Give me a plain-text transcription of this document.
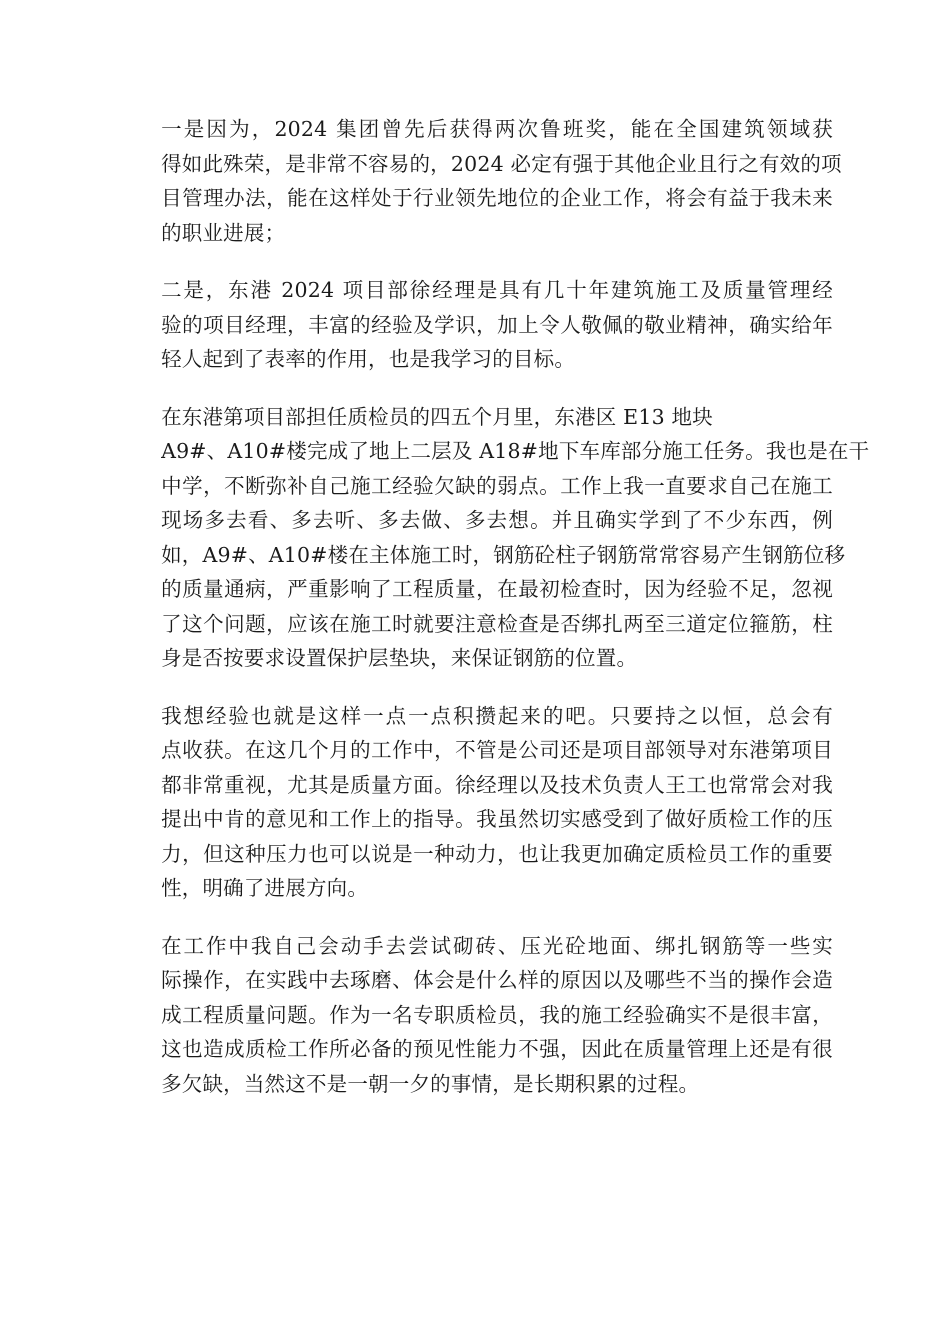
一是因为，2024 集团曾先后获得两次鲁班奖，能在全国建筑领域获
得如此殊荣，是非常不容易的，2024 必定有强于其他企业且行之有效的项
目管理办法，能在这样处于行业领先地位的企业工作，将会有益于我未来
的职业进展；

二是，东港 2024 项目部徐经理是具有几十年建筑施工及质量管理经
验的项目经理，丰富的经验及学识，加上令人敬佩的敬业精神，确实给年
轻人起到了表率的作用，也是我学习的目标。

在东港第项目部担任质检员的四五个月里，东港区 E13 地块
A9#、A10#楼完成了地上二层及 A18#地下车库部分施工任务。我也是在干
中学，不断弥补自己施工经验欠缺的弱点。工作上我一直要求自己在施工
现场多去看、多去听、多去做、多去想。并且确实学到了不少东西，例
如，A9#、A10#楼在主体施工时，钢筋砼柱子钢筋常常容易产生钢筋位移
的质量通病，严重影响了工程质量，在最初检查时，因为经验不足，忽视
了这个问题，应该在施工时就要注意检查是否绑扎两至三道定位箍筋，柱
身是否按要求设置保护层垫块，来保证钢筋的位置。

我想经验也就是这样一点一点积攒起来的吧。只要持之以恒，总会有
点收获。在这几个月的工作中，不管是公司还是项目部领导对东港第项目
都非常重视，尤其是质量方面。徐经理以及技术负责人王工也常常会对我
提出中肯的意见和工作上的指导。我虽然切实感受到了做好质检工作的压
力，但这种压力也可以说是一种动力，也让我更加确定质检员工作的重要
性，明确了进展方向。

在工作中我自己会动手去尝试砌砖、压光砼地面、绑扎钢筋等一些实
际操作，在实践中去琢磨、体会是什么样的原因以及哪些不当的操作会造
成工程质量问题。作为一名专职质检员，我的施工经验确实不是很丰富，
这也造成质检工作所必备的预见性能力不强，因此在质量管理上还是有很
多欠缺，当然这不是一朝一夕的事情，是长期积累的过程。
